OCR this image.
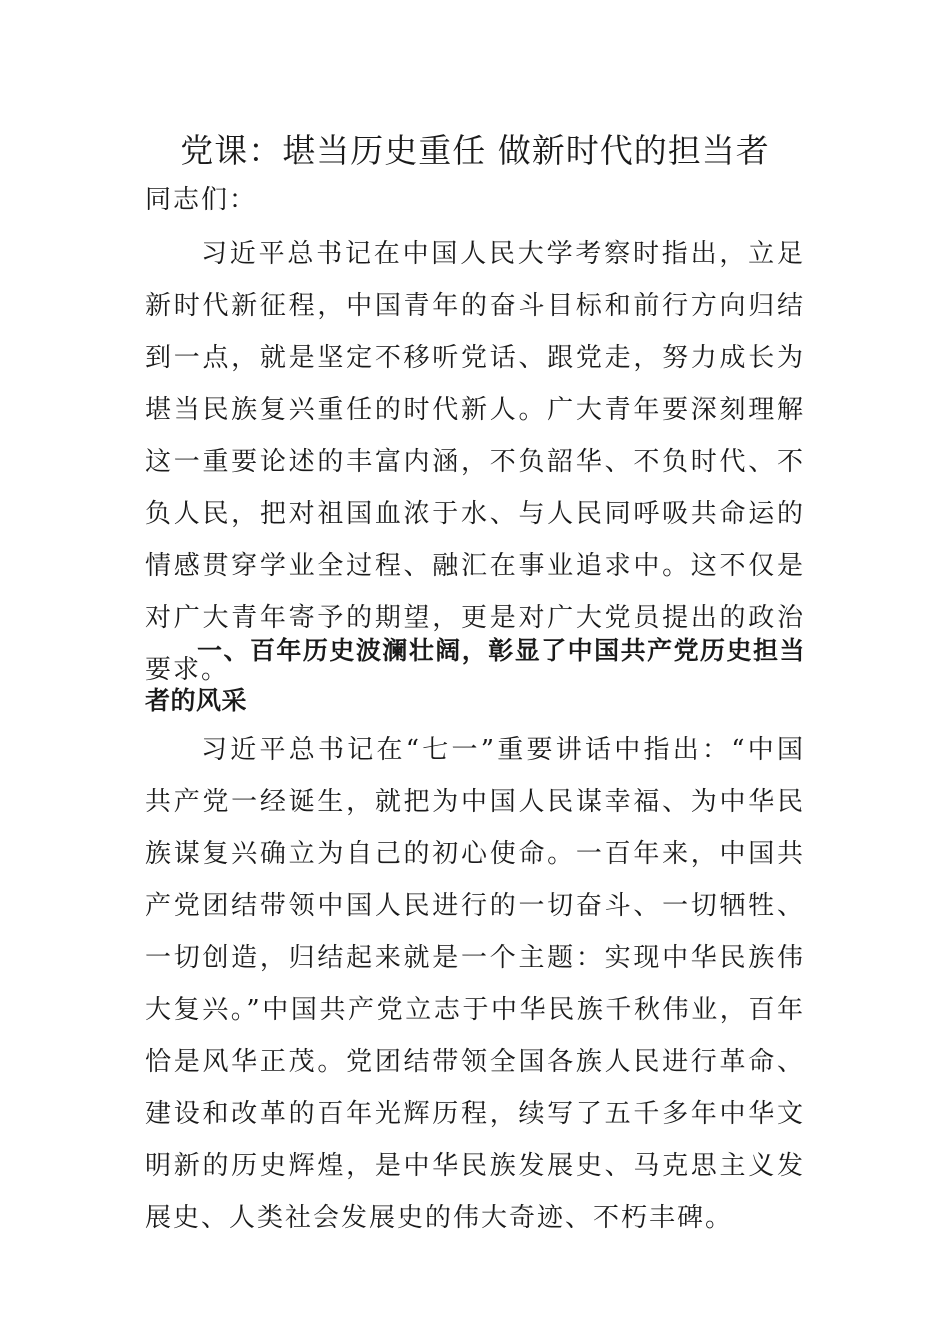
党课：堪当历史重任 做新时代的担当者

同志们：

习近平总书记在中国人民大学考察时指出，立足新时代新征程，中国青年的奋斗目标和前行方向归结到一点，就是坚定不移听党话、跟党走，努力成长为堪当民族复兴重任的时代新人。广大青年要深刻理解这一重要论述的丰富内涵，不负韶华、不负时代、不负人民，把对祖国血浓于水、与人民同呼吸共命运的情感贯穿学业全过程、融汇在事业追求中。这不仅是对广大青年寄予的期望，更是对广大党员提出的政治要求。

一、百年历史波澜壮阔，彰显了中国共产党历史担当者的风采

习近平总书记在“七一”重要讲话中指出：“中国共产党一经诞生，就把为中国人民谋幸福、为中华民族谋复兴确立为自己的初心使命。一百年来，中国共产党团结带领中国人民进行的一切奋斗、一切牺牲、一切创造，归结起来就是一个主题：实现中华民族伟大复兴。”中国共产党立志于中华民族千秋伟业，百年恰是风华正茂。党团结带领全国各族人民进行革命、建设和改革的百年光辉历程，续写了五千多年中华文明新的历史辉煌，是中华民族发展史、马克思主义发展史、人类社会发展史的伟大奇迹、不朽丰碑。
